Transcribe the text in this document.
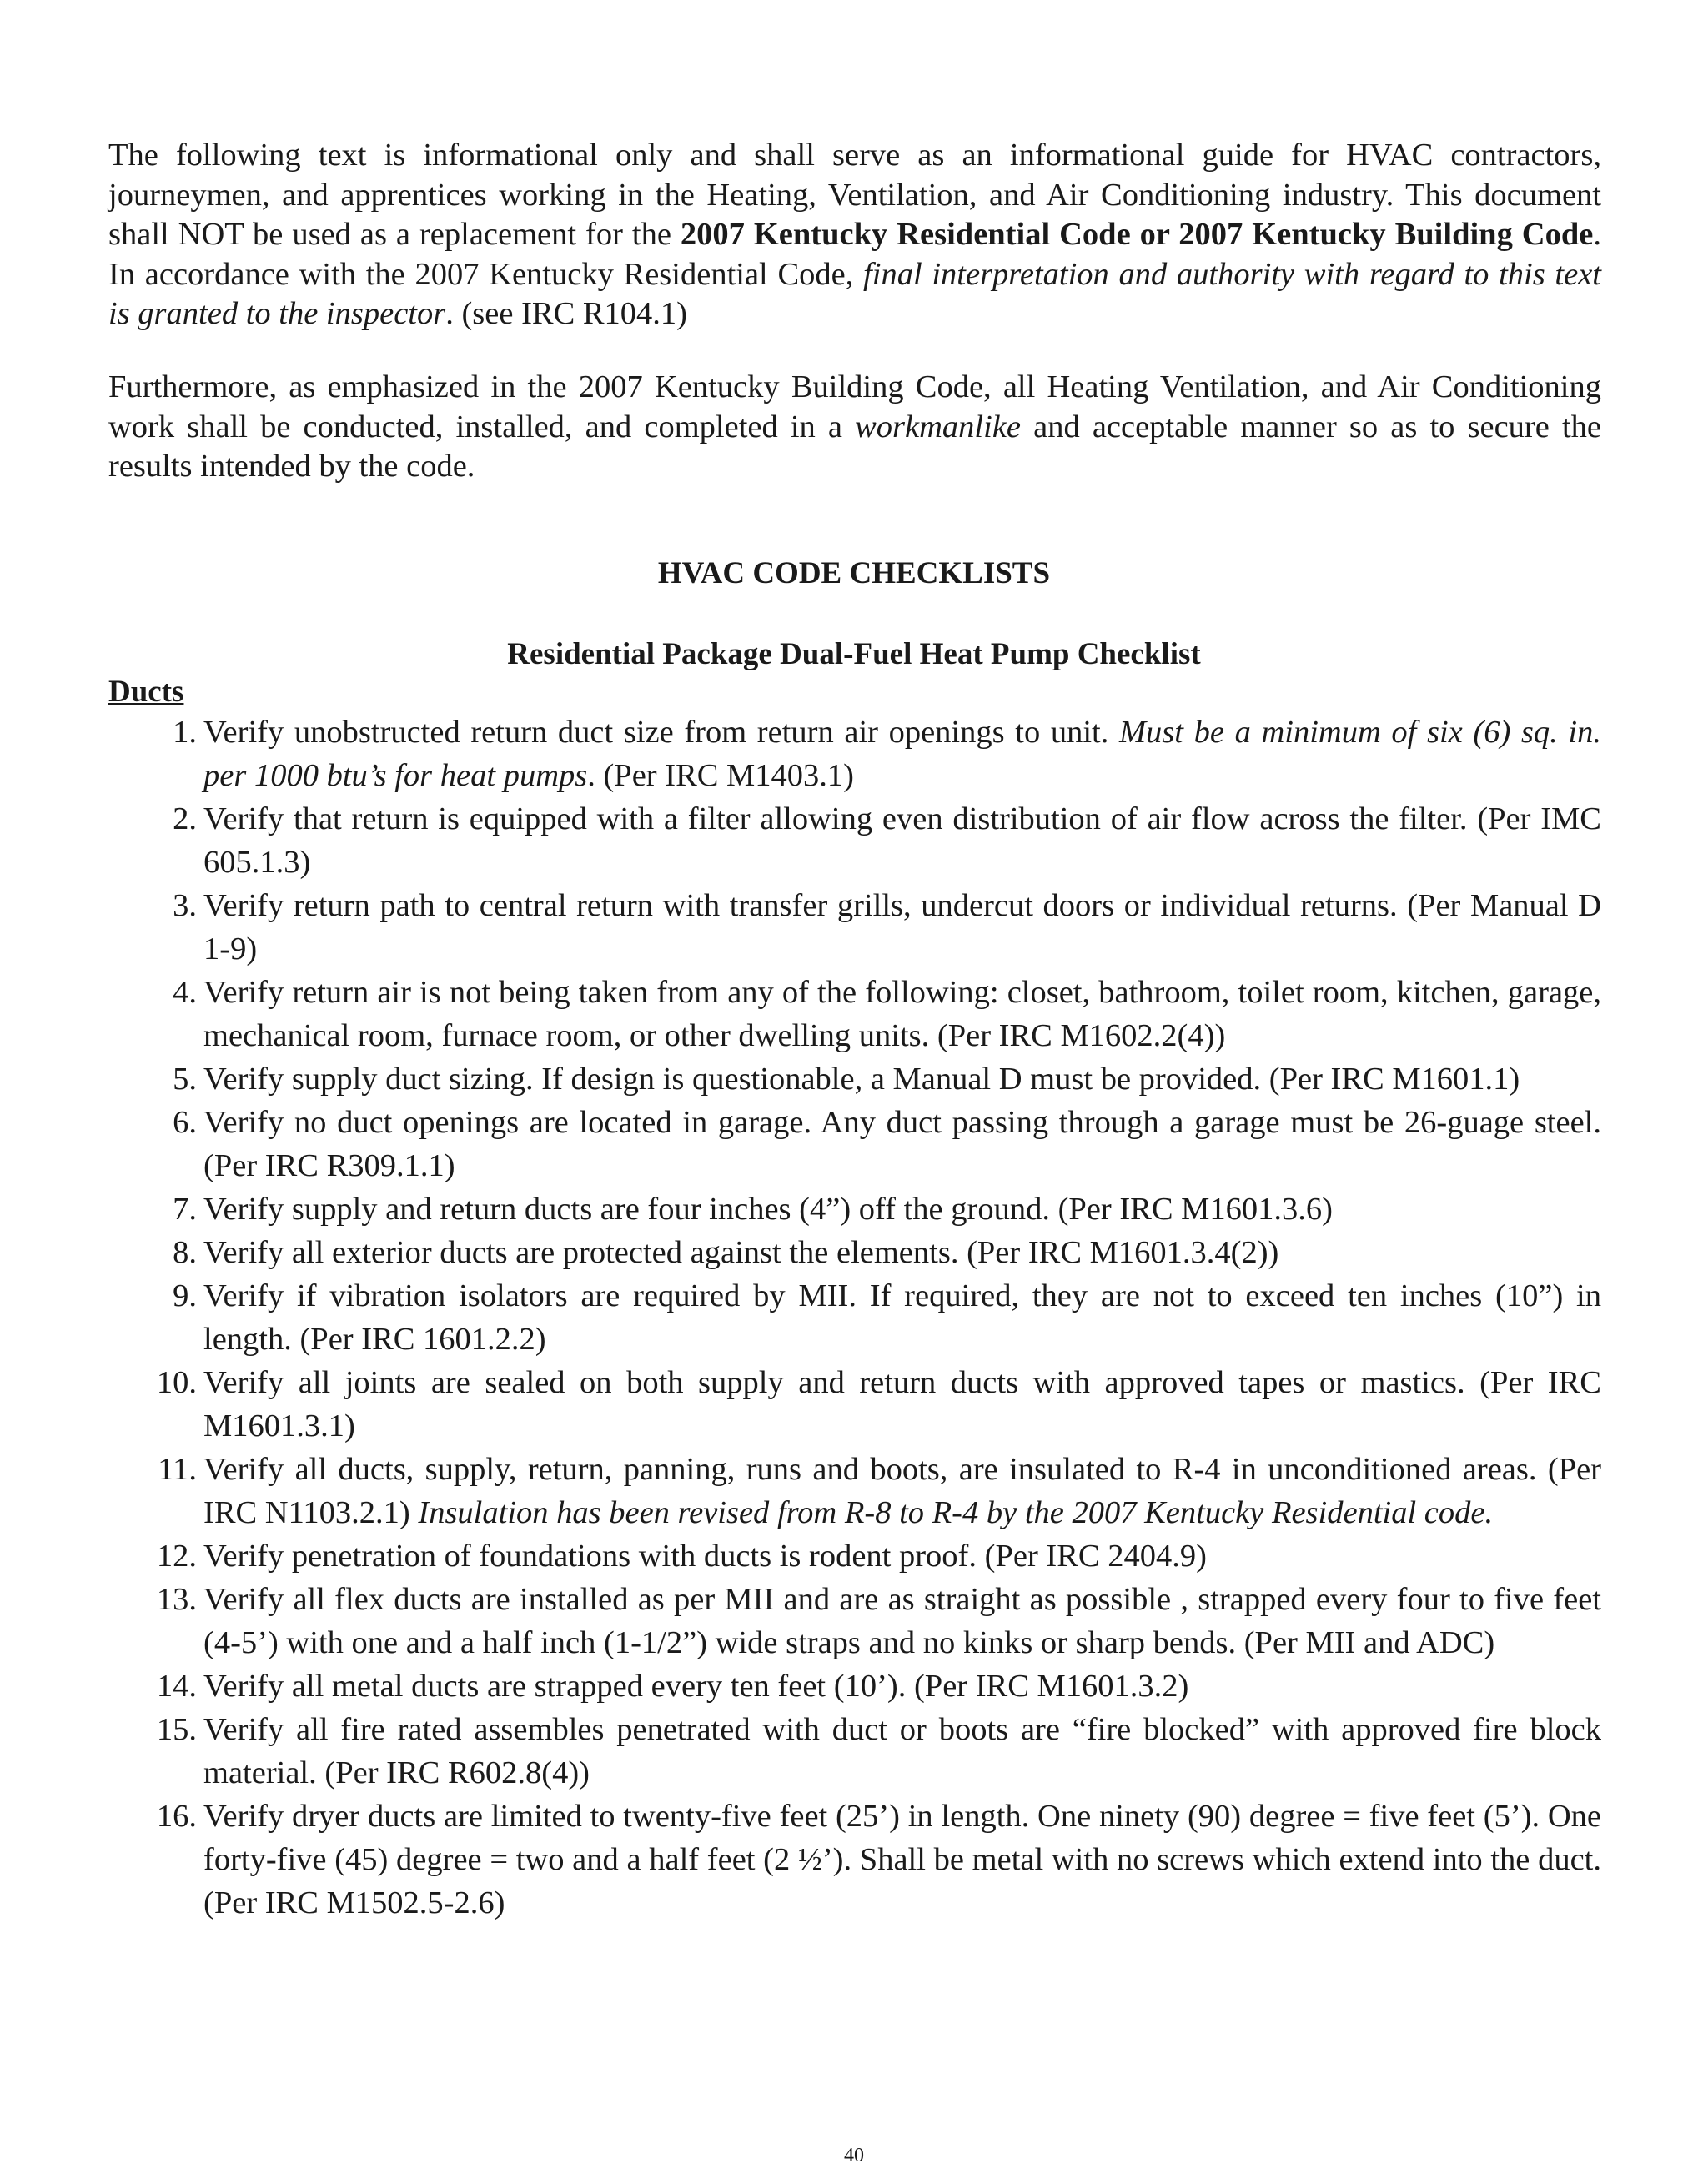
The following text is informational only and shall serve as an informational guide for HVAC contractors, journeymen, and apprentices working in the Heating, Ventilation, and Air Conditioning industry. This document shall NOT be used as a replacement for the 2007 Kentucky Residential Code or 2007 Kentucky Building Code. In accordance with the 2007 Kentucky Residential Code, final interpretation and authority with regard to this text is granted to the inspector. (see IRC R104.1)

Furthermore, as emphasized in the 2007 Kentucky Building Code, all Heating Ventilation, and Air Conditioning work shall be conducted, installed, and completed in a workmanlike and acceptable manner so as to secure the results intended by the code.

HVAC CODE CHECKLISTS
Residential Package Dual-Fuel Heat Pump Checklist
Ducts
1. Verify unobstructed return duct size from return air openings to unit. Must be a minimum of six (6) sq. in. per 1000 btu’s for heat pumps. (Per IRC M1403.1)
2. Verify that return is equipped with a filter allowing even distribution of air flow across the filter. (Per IMC 605.1.3)
3. Verify return path to central return with transfer grills, undercut doors or individual returns. (Per Manual D 1-9)
4. Verify return air is not being taken from any of the following: closet, bathroom, toilet room, kitchen, garage, mechanical room, furnace room, or other dwelling units. (Per IRC M1602.2(4))
5. Verify supply duct sizing. If design is questionable, a Manual D must be provided. (Per IRC M1601.1)
6. Verify no duct openings are located in garage. Any duct passing through a garage must be 26-guage steel. (Per IRC R309.1.1)
7. Verify supply and return ducts are four inches (4”) off the ground. (Per IRC M1601.3.6)
8. Verify all exterior ducts are protected against the elements. (Per IRC M1601.3.4(2))
9. Verify if vibration isolators are required by MII. If required, they are not to exceed ten inches (10”) in length. (Per IRC 1601.2.2)
10. Verify all joints are sealed on both supply and return ducts with approved tapes or mastics. (Per IRC M1601.3.1)
11. Verify all ducts, supply, return, panning, runs and boots, are insulated to R-4 in unconditioned areas. (Per IRC N1103.2.1) Insulation has been revised from R-8 to R-4 by the 2007 Kentucky Residential code.
12. Verify penetration of foundations with ducts is rodent proof. (Per IRC 2404.9)
13. Verify all flex ducts are installed as per MII and are as straight as possible , strapped every four to five feet (4-5’) with one and a half inch (1-1/2”) wide straps and no kinks or sharp bends. (Per MII and ADC)
14. Verify all metal ducts are strapped every ten feet (10’). (Per IRC M1601.3.2)
15. Verify all fire rated assembles penetrated with duct or boots are “fire blocked” with approved fire block material. (Per IRC R602.8(4))
16. Verify dryer ducts are limited to twenty-five feet (25’) in length. One ninety (90) degree = five feet (5’). One forty-five (45) degree = two and a half feet (2 ½’). Shall be metal with no screws which extend into the duct. (Per IRC M1502.5-2.6)
40
